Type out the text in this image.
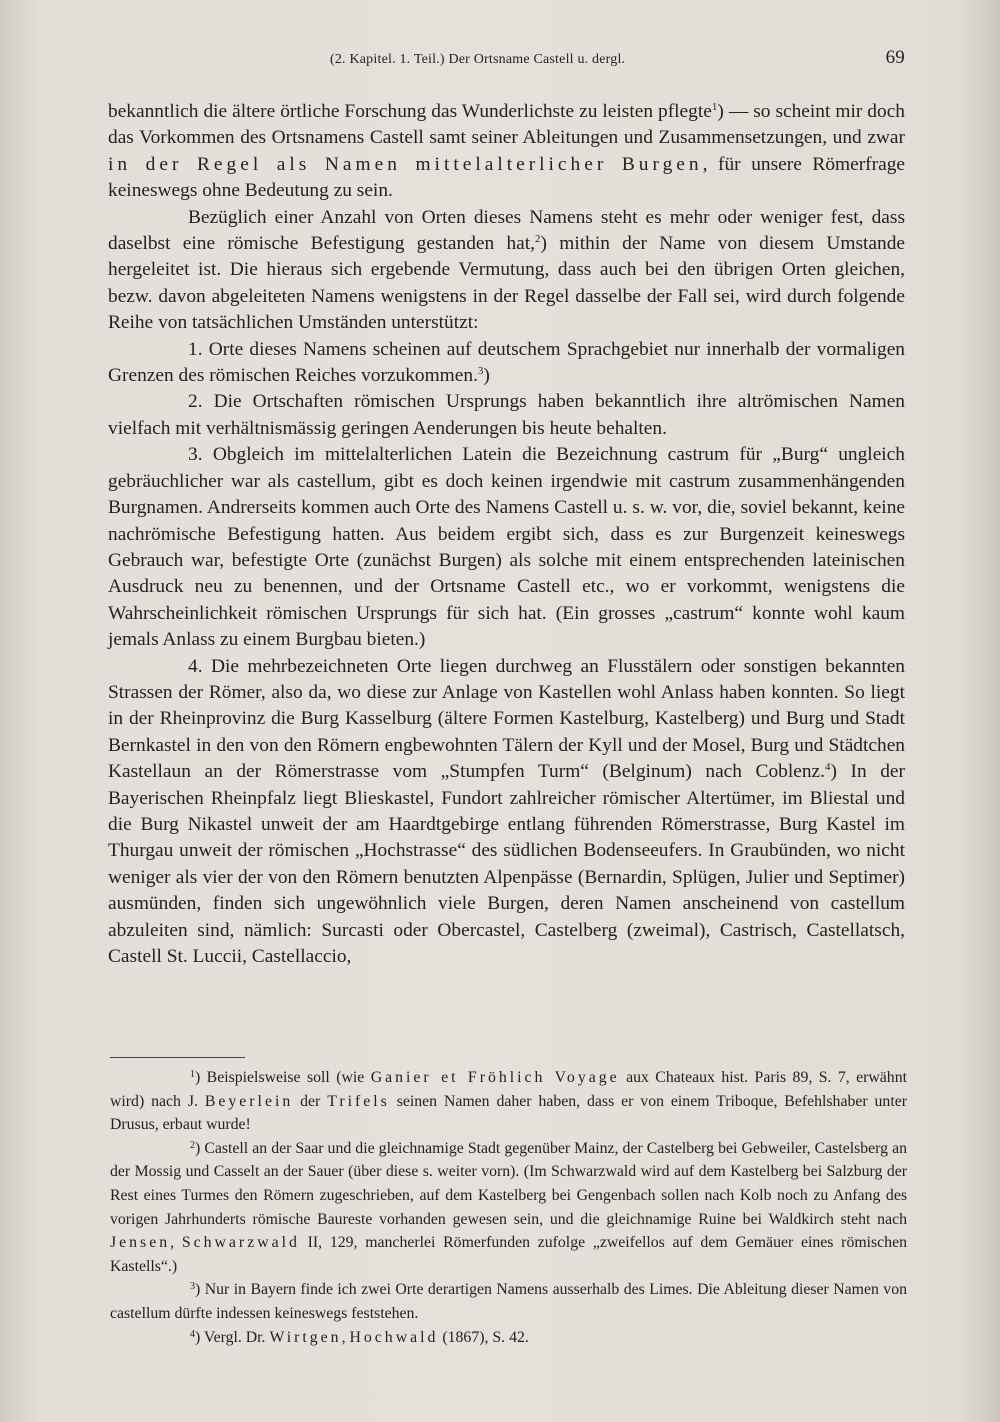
(2. Kapitel. 1. Teil.) Der Ortsname Castell u. dergl.	69

bekanntlich die ältere örtliche Forschung das Wunderlichste zu leisten pflegte$^1$) — so scheint mir doch das Vorkommen des Ortsnamens Castell samt seiner Ableitungen und Zusammensetzungen, und zwar in der Regel als Namen mittelalterlicher Burgen, für unsere Römerfrage keineswegs ohne Bedeutung zu sein.

Bezüglich einer Anzahl von Orten dieses Namens steht es mehr oder weniger fest, dass daselbst eine römische Befestigung gestanden hat,$^2$) mithin der Name von diesem Umstande hergeleitet ist. Die hieraus sich ergebende Vermutung, dass auch bei den übrigen Orten gleichen, bezw. davon abgeleiteten Namens wenigstens in der Regel dasselbe der Fall sei, wird durch folgende Reihe von tatsächlichen Umständen unterstützt:

1. Orte dieses Namens scheinen auf deutschem Sprachgebiet nur innerhalb der vormaligen Grenzen des römischen Reiches vorzukommen.$^3$)

2. Die Ortschaften römischen Ursprungs haben bekanntlich ihre altrömischen Namen vielfach mit verhältnismässig geringen Aenderungen bis heute behalten.

3. Obgleich im mittelalterlichen Latein die Bezeichnung castrum für „Burg“ ungleich gebräuchlicher war als castellum, gibt es doch keinen irgendwie mit castrum zusammenhängenden Burgnamen. Andrerseits kommen auch Orte des Namens Castell u. s. w. vor, die, soviel bekannt, keine nachrömische Befestigung hatten. Aus beidem ergibt sich, dass es zur Burgenzeit keineswegs Gebrauch war, befestigte Orte (zunächst Burgen) als solche mit einem entsprechenden lateinischen Ausdruck neu zu benennen, und der Ortsname Castell etc., wo er vorkommt, wenigstens die Wahrscheinlichkeit römischen Ursprungs für sich hat. (Ein grosses „castrum“ konnte wohl kaum jemals Anlass zu einem Burgbau bieten.)

4. Die mehrbezeichneten Orte liegen durchweg an Flusstälern oder sonstigen bekannten Strassen der Römer, also da, wo diese zur Anlage von Kastellen wohl Anlass haben konnten. So liegt in der Rheinprovinz die Burg Kasselburg (ältere Formen Kastelburg, Kastelberg) und Burg und Stadt Bernkastel in den von den Römern engbewohnten Tälern der Kyll und der Mosel, Burg und Städtchen Kastellaun an der Römerstrasse vom „Stumpfen Turm“ (Belginum) nach Coblenz.$^4$) In der Bayerischen Rheinpfalz liegt Blieskastel, Fundort zahlreicher römischer Altertümer, im Bliestal und die Burg Nikastel unweit der am Haardtgebirge entlang führenden Römerstrasse, Burg Kastel im Thurgau unweit der römischen „Hochstrasse“ des südlichen Bodenseeufers. In Graubünden, wo nicht weniger als vier der von den Römern benutzten Alpenpässe (Bernardin, Splügen, Julier und Septimer) ausmünden, finden sich ungewöhnlich viele Burgen, deren Namen anscheinend von castellum abzuleiten sind, nämlich: Surcasti oder Obercastel, Castelberg (zweimal), Castrisch, Castellatsch, Castell St. Luccii, Castellaccio,

$^1$) Beispielsweise soll (wie Ganier et Fröhlich Voyage aux Chateaux hist. Paris 89, S. 7, erwähnt wird) nach J. Beyerlein der Trifels seinen Namen daher haben, dass er von einem Triboque, Befehlshaber unter Drusus, erbaut wurde!

$^2$) Castell an der Saar und die gleichnamige Stadt gegenüber Mainz, der Castelberg bei Gebweiler, Castelsberg an der Mossig und Casselt an der Sauer (über diese s. weiter vorn). (Im Schwarzwald wird auf dem Kastelberg bei Salzburg der Rest eines Turmes den Römern zugeschrieben, auf dem Kastelberg bei Gengenbach sollen nach Kolb noch zu Anfang des vorigen Jahrhunderts römische Baureste vorhanden gewesen sein, und die gleichnamige Ruine bei Waldkirch steht nach Jensen, Schwarzwald II, 129, mancherlei Römerfunden zufolge „zweifellos auf dem Gemäuer eines römischen Kastells“.)

$^3$) Nur in Bayern finde ich zwei Orte derartigen Namens ausserhalb des Limes. Die Ableitung dieser Namen von castellum dürfte indessen keineswegs feststehen.

$^4$) Vergl. Dr. Wirtgen, Hochwald (1867), S. 42.
